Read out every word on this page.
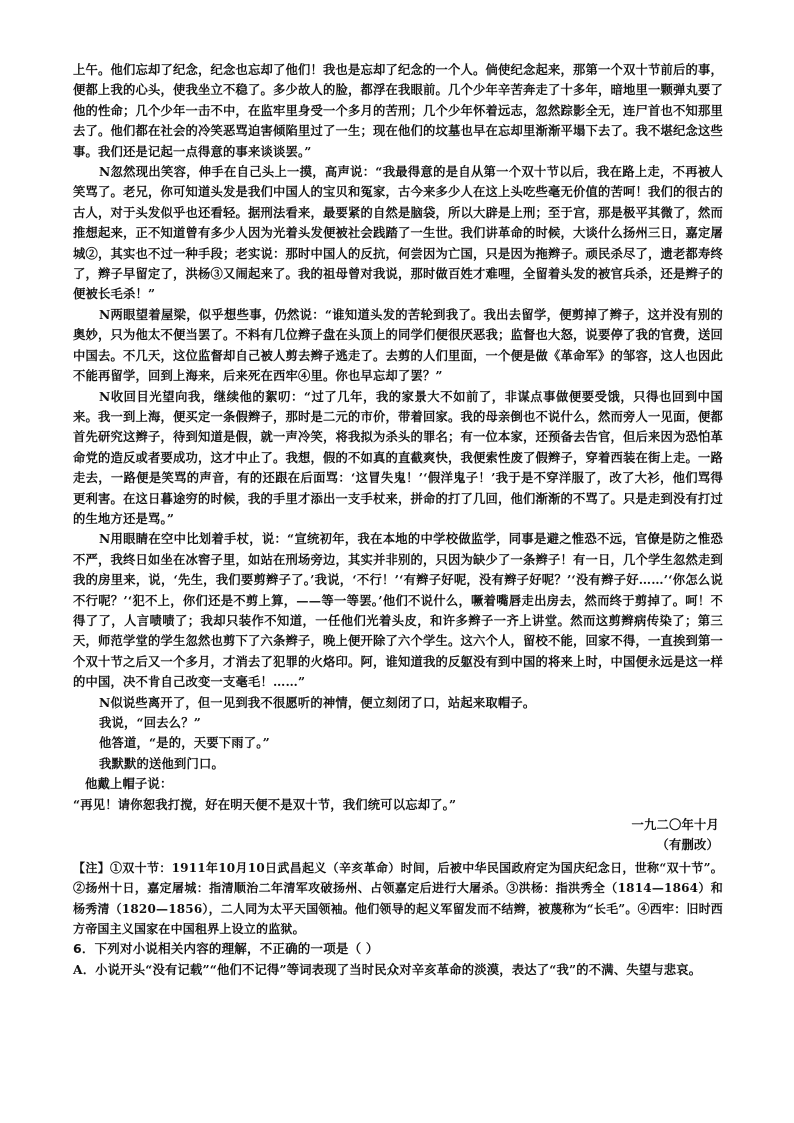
上午。他们忘却了纪念，纪念也忘却了他们！我也是忘却了纪念的一个人。倘使纪念起来，那第一个双十节前后的事，便都上我的心头，使我坐立不稳了。多少故人的脸，都浮在我眼前。几个少年辛苦奔走了十多年，暗地里一颗弹丸要了他的性命；几个少年一击不中，在监牢里身受一个多月的苦刑；几个少年怀着远志，忽然踪影全无，连尸首也不知那里去了。他们都在社会的冷笑恶骂迫害倾陷里过了一生；现在他们的坟墓也早在忘却里渐渐平塌下去了。我不堪纪念这些事。我们还是记起一点得意的事来谈谈罢。”

N忽然现出笑容，伸手在自己头上一摸，高声说：“我最得意的是自从第一个双十节以后，我在路上走，不再被人笑骂了。老兄，你可知道头发是我们中国人的宝贝和冤家，古今来多少人在这上头吃些毫无价值的苦呵！我们的很古的古人，对于头发似乎也还看轻。据刑法看来，最要紧的自然是脑袋，所以大辟是上刑；至于宫，那是极平其微了，然而推想起来，正不知道曾有多少人因为光着头发便被社会践踏了一生世。我们讲革命的时候，大谈什么扬州三日，嘉定屠城②，其实也不过一种手段；老实说：那时中国人的反抗，何尝因为亡国，只是因为拖辫子。顽民杀尽了，遗老都寿终了，辫子早留定了，洪杨③又闹起来了。我的祖母曾对我说，那时做百姓才难哩，全留着头发的被官兵杀，还是辫子的便被长毛杀！”

N两眼望着屋梁，似乎想些事，仍然说：“谁知道头发的苦轮到我了。我出去留学，便剪掉了辫子，这并没有别的奥妙，只为他太不便当罢了。不料有几位辫子盘在头顶上的同学们便很厌恶我；监督也大怒，说要停了我的官费，送回中国去。不几天，这位监督却自己被人剪去辫子逃走了。去剪的人们里面，一个便是做《革命军》的邹容，这人也因此不能再留学，回到上海来，后来死在西牢④里。你也早忘却了罢？”

N收回目光望向我，继续他的絮叨：“过了几年，我的家景大不如前了，非谋点事做便要受饿，只得也回到中国来。我一到上海，便买定一条假辫子，那时是二元的市价，带着回家。我的母亲倒也不说什么，然而旁人一见面，便都首先研究这辫子，待到知道是假，就一声冷笑，将我拟为杀头的罪名；有一位本家，还预备去告官，但后来因为恐怕革命党的造反或者要成功，这才中止了。我想，假的不如真的直截爽快，我便索性废了假辫子，穿着西装在街上走。一路走去，一路便是笑骂的声音，有的还跟在后面骂：‘这冒失鬼！’‘假洋鬼子！’我于是不穿洋服了，改了大衫，他们骂得更利害。在这日暮途穷的时候，我的手里才添出一支手杖来，拼命的打了几回，他们渐渐的不骂了。只是走到没有打过的生地方还是骂。”

N用眼睛在空中比划着手杖，说：“宣统初年，我在本地的中学校做监学，同事是避之惟恐不远，官僚是防之惟恐不严，我终日如坐在冰窖子里，如站在刑场旁边，其实并非别的，只因为缺少了一条辫子！有一日，几个学生忽然走到我的房里来，说，‘先生，我们要剪辫子了。’我说，‘不行！’‘有辫子好呢，没有辫子好呢？’‘没有辫子好……’‘你怎么说不行呢？’‘犯不上，你们还是不剪上算，——等一等罢。’他们不说什么，噘着嘴唇走出房去，然而终于剪掉了。呵！不得了了，人言啧啧了；我却只装作不知道，一任他们光着头皮，和许多辫子一齐上讲堂。然而这剪辫病传染了；第三天，师范学堂的学生忽然也剪下了六条辫子，晚上便开除了六个学生。这六个人，留校不能，回家不得，一直挨到第一个双十节之后又一个多月，才消去了犯罪的火烙印。阿，谁知道我的反躯没有到中国的将来上时，中国便永远是这一样的中国，决不肯自己改变一支毫毛！……”

N似说些离开了，但一见到我不很愿听的神情，便立刻闭了口，站起来取帽子。

我说，“回去么？”

他答道，“是的，天要下雨了。”

我默默的送他到门口。

他戴上帽子说：

“再见！请你恕我打搅，好在明天便不是双十节，我们统可以忘却了。”

一九二〇年十月

（有删改）

【注】①双十节：1911年10月10日武昌起义（辛亥革命）时间，后被中华民国政府定为国庆纪念日，世称“双十节”。②扬州十日，嘉定屠城：指清顺治二年清军攻破扬州、占领嘉定后进行大屠杀。③洪杨：指洪秀全（1814—1864）和杨秀清（1820—1856），二人同为太平天国领袖。他们领导的起义军留发而不结辫，被蔑称为“长毛”。④西牢：旧时西方帝国主义国家在中国租界上设立的监狱。

6．下列对小说相关内容的理解，不正确的一项是（ ）

A．小说开头“没有记载”“他们不记得”等词表现了当时民众对辛亥革命的淡漠，表达了“我”的不满、失望与悲哀。
